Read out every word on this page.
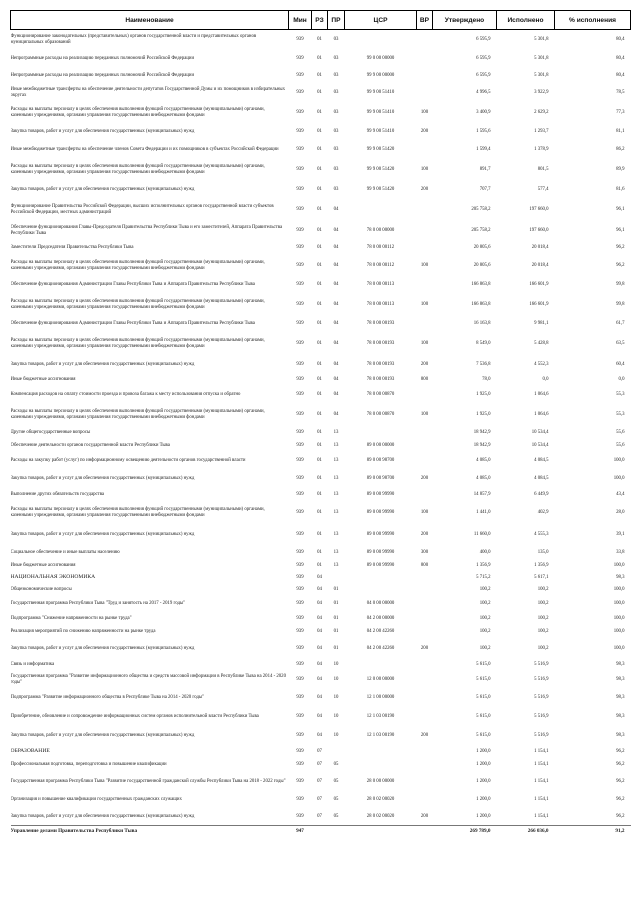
Наименование	Мин	РЗ	ПР	ЦСР	ВР	Утверждено	Исполнено	% исполнения
Функционирование законодательных (представительных) органов государственной власти и представительных органов муниципальных образований	939	01	03			6 595,9	5 301,8	80,4
Непрограммные расходы на реализацию переданных полномочий Российской Федерации	939	01	03	99 0 00 00000		6 595,9	5 301,8	80,4
Непрограммные расходы на реализацию переданных полномочий Российской Федерации	939	01	03	99 9 00 00000		6 595,9	5 301,8	80,4
Иные межбюджетные трансферты на обеспечение деятельности депутатов Государственной Думы и их помощников в избирательных округах	939	01	03	99 9 00 51410		4 996,5	3 922,9	78,5
Расходы на выплаты персоналу в целях обеспечения выполнения функций государственными (муниципальными) органами, казенными учреждениями, органами управления государственными внебюджетными фондами	939	01	03	99 9 00 51410	100	3 400,9	2 629,2	77,3
Закупка товаров, работ и услуг для обеспечения государственных (муниципальных) нужд	939	01	03	99 9 00 51410	200	1 595,6	1 293,7	81,1
Иные межбюджетные трансферты на обеспечение членов Совета Федерации и их помощников в субъектах Российской Федерации	939	01	03	99 9 00 51420		1 599,4	1 378,9	86,2
Расходы на выплаты персоналу в целях обеспечения выполнения функций государственными (муниципальными) органами, казенными учреждениями, органами управления государственными внебюджетными фондами	939	01	03	99 9 00 51420	100	891,7	801,5	89,9
Закупка товаров, работ и услуг для обеспечения государственных (муниципальных) нужд	939	01	03	99 9 00 51420	200	707,7	577,4	81,6
Функционирование Правительства Российской Федерации, высших исполнительных органов государственной власти субъектов Российской Федерации, местных администраций	939	01	04			205 758,2	197 660,0	96,1
Обеспечение функционирования Главы-Председателя Правительства Республики Тыва и его заместителей, Аппарата Правительства Республики Тыва	939	01	04	78 0 00 00000		205 758,2	197 660,0	96,1
Заместители Председателя Правительства Республики Тыва	939	01	04	78 0 00 00112		20 805,6	20 018,4	96,2
Расходы на выплаты персоналу в целях обеспечения выполнения функций государственными (муниципальными) органами, казенными учреждениями, органами управления государственными внебюджетными фондами	939	01	04	78 0 00 00112	100	20 805,6	20 018,4	96,2
Обеспечение функционирования Администрации Главы Республики Тыва и Аппарата Правительства Республики Тыва	939	01	04	78 0 00 00113		166 863,8	166 601,9	99,8
Расходы на выплаты персоналу в целях обеспечения выполнения функций государственными (муниципальными) органами, казенными учреждениями, органами управления государственными внебюджетными фондами	939	01	04	78 0 00 00113	100	166 863,8	166 601,9	99,8
Обеспечение функционирования Администрации Главы Республики Тыва и Аппарата Правительства Республики Тыва	939	01	04	78 0 00 00193		16 163,8	9 981,1	61,7
Расходы на выплаты персоналу в целях обеспечения выполнения функций государственными (муниципальными) органами, казенными учреждениями, органами управления государственными внебюджетными фондами	939	01	04	78 0 00 00193	100	8 549,0	5 428,8	63,5
Закупка товаров, работ и услуг для обеспечения государственных (муниципальных) нужд	939	01	04	78 0 00 00193	200	7 536,8	4 552,3	60,4
Иные бюджетные ассигнования	939	01	04	78 0 00 00193	800	78,0	0,0	0,0
Компенсация расходов на оплату стоимости проезда и провоза багажа к месту использования отпуска и обратно	939	01	04	78 0 00 00870		1 925,0	1 064,6	55,3
Расходы на выплаты персоналу в целях обеспечения выполнения функций государственными (муниципальными) органами, казенными учреждениями, органами управления государственными внебюджетными фондами	939	01	04	78 0 00 00870	100	1 925,0	1 064,6	55,3
Другие общегосударственные вопросы	939	01	13			18 942,9	10 534,4	55,6
Обеспечение деятельности органов государственной власти Республики Тыва	939	01	13	89 0 00 00000		18 942,9	10 534,4	55,6
Расходы на закупку работ (услуг) по информационному освещению деятельности органов государственной власти	939	01	13	89 0 00 98700		4 085,0	4 084,5	100,0
Закупка товаров, работ и услуг для обеспечения государственных (муниципальных) нужд	939	01	13	89 0 00 98700	200	4 085,0	4 084,5	100,0
Выполнение других обязательств государства	939	01	13	89 0 00 99990		14 857,9	6 449,9	43,4
Расходы на выплаты персоналу в целях обеспечения выполнения функций государственными (муниципальными) органами, казенными учреждениями, органами управления государственными внебюджетными фондами	939	01	13	89 0 00 99990	100	1 441,0	402,9	28,0
Закупка товаров, работ и услуг для обеспечения государственных (муниципальных) нужд	939	01	13	89 0 00 99990	200	11 660,0	4 555,3	39,1
Социальное обеспечение и иные выплаты населению	939	01	13	89 0 00 99990	300	400,0	135,0	33,8
Иные бюджетные ассигнования	939	01	13	89 0 00 99990	800	1 356,9	1 356,9	100,0
НАЦИОНАЛЬНАЯ ЭКОНОМИКА	939	04				5 715,2	5 617,1	98,3
Общеэкономические вопросы	939	04	01			100,2	100,2	100,0
Государственная программа Республики Тыва "Труд и занятость на 2017 - 2019 годы"	939	04	01	04 0 00 00000		100,2	100,2	100,0
Подпрограмма "Снижение напряженности на рынке труда"	939	04	01	04 2 00 00000		100,2	100,2	100,0
Реализация мероприятий по снижению напряженности на рынке труда	939	04	01	04 2 00 42260		100,2	100,2	100,0
Закупка товаров, работ и услуг для обеспечения государственных (муниципальных) нужд	939	04	01	04 2 00 42260	200	100,2	100,2	100,0
Связь и информатика	939	04	10			5 615,0	5 516,9	98,3
Государственная программа "Развитие информационного общества и средств массовой информации в Республике Тыва на 2014 - 2020 годы"	939	04	10	12 0 00 00000		5 615,0	5 516,9	98,3
Подпрограмма "Развитие информационного общества в Республике Тыва на 2014 - 2020 годы"	939	04	10	12 1 00 00000		5 615,0	5 516,9	98,3
Приобретение, обновление и сопровождение информационных систем органов исполнительной власти Республики Тыва	939	04	10	12 1 03 00190		5 615,0	5 516,9	98,3
Закупка товаров, работ и услуг для обеспечения государственных (муниципальных) нужд	939	04	10	12 1 03 00190	200	5 615,0	5 516,9	98,3
ОБРАЗОВАНИЕ	939	07				1 200,0	1 154,1	96,2
Профессиональная подготовка, переподготовка и повышение квалификации	939	07	05			1 200,0	1 154,1	96,2
Государственная программа Республики Тыва "Развитие государственной гражданской службы Республики Тыва на 2018 - 2022 годы"	939	07	05	28 0 00 00000		1 200,0	1 154,1	96,2
Организация и повышение квалификации государственных гражданских служащих	939	07	05	28 0 02 00020		1 200,0	1 154,1	96,2
Закупка товаров, работ и услуг для обеспечения государственных (муниципальных) нужд	939	07	05	28 0 02 00020	200	1 200,0	1 154,1	96,2
Управление делами Правительства Республики Тыва	947					269 789,0	266 036,0	91,2
